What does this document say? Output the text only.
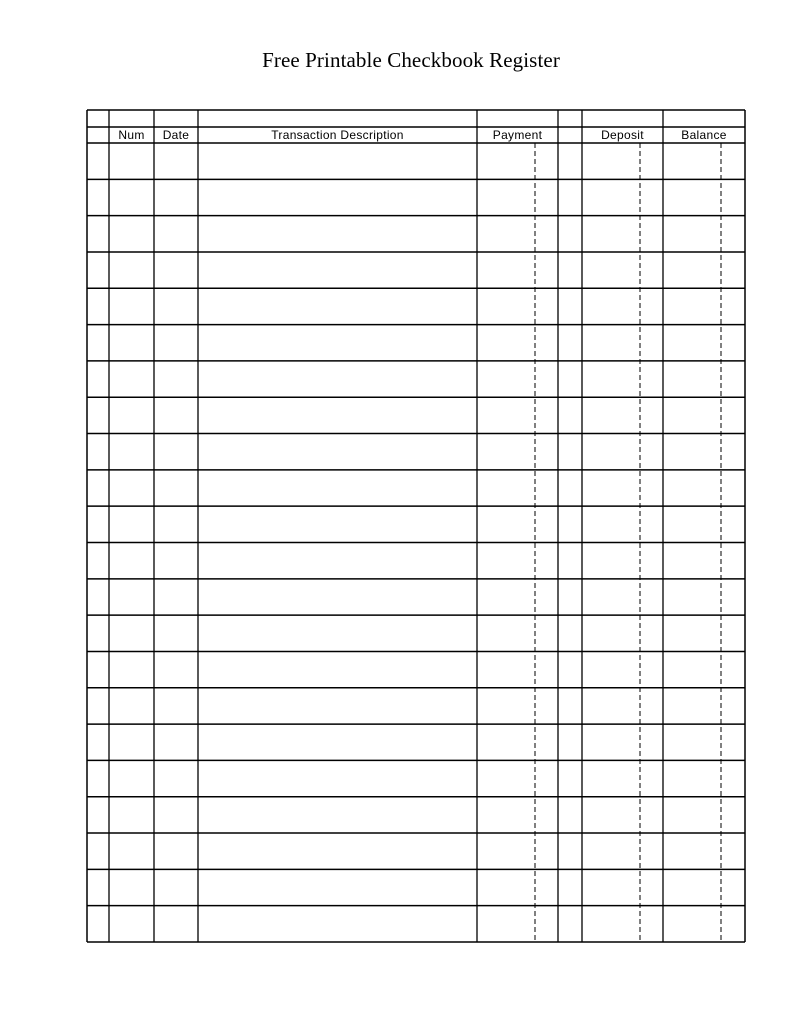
Free Printable Checkbook Register
Num Date	Transaction Description	Payment	Deposit	Balance
